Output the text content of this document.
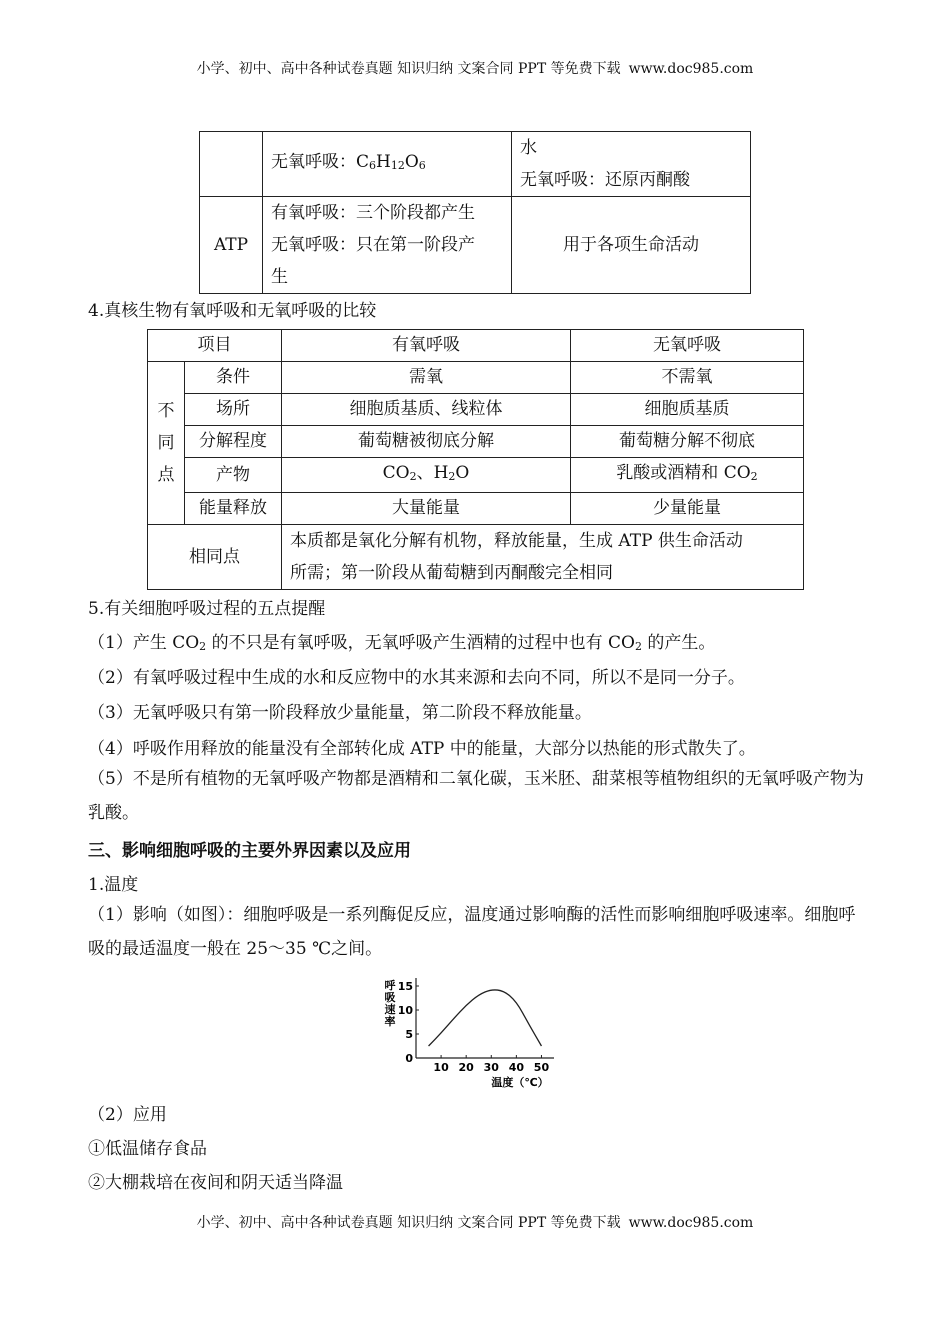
小学、初中、高中各种试卷真题 知识归纳 文案合同 PPT 等免费下载 www.doc985.com
	无氧呼吸：$C_6H_{12}O_6$	水
无氧呼吸：还原丙酮酸

ATP	有氧呼吸：三个阶段都产生
无氧呼吸：只在第一阶段产
生	用于各项生命活动
4.真核生物有氧呼吸和无氧呼吸的比较
项目		有氧呼吸	无氧呼吸

不
同
点	条件	需氧	不需氧
	场所	细胞质基质、线粒体	细胞质基质
	分解程度	葡萄糖被彻底分解	葡萄糖分解不彻底
	产物	$CO_2$、$H_2O$	乳酸或酒精和 $CO_2$
	能量释放	大量能量	少量能量
相同点		本质都是氧化分解有机物，释放能量，生成 ATP 供生命活动
所需；第一阶段从葡萄糖到丙酮酸完全相同	
5.有关细胞呼吸过程的五点提醒
（1）产生 $CO_2$ 的不只是有氧呼吸，无氧呼吸产生酒精的过程中也有 $CO_2$ 的产生。
（2）有氧呼吸过程中生成的水和反应物中的水其来源和去向不同，所以不是同一分子。
（3）无氧呼吸只有第一阶段释放少量能量，第二阶段不释放能量。
（4）呼吸作用释放的能量没有全部转化成 ATP 中的能量，大部分以热能的形式散失了。
（5）不是所有植物的无氧呼吸产物都是酒精和二氧化碳，玉米胚、甜菜根等植物组织的无氧呼吸产物为乳酸。
三、影响细胞呼吸的主要外界因素以及应用
1.温度
（1）影响（如图）：细胞呼吸是一系列酶促反应，温度通过影响酶的活性而影响细胞呼吸速率。细胞呼吸的最适温度一般在 25～35 ℃之间。
10 20 30 40 50
0
5
10
15
呼
吸
速
率
温度（℃）
（2）应用
①低温储存食品
②大棚栽培在夜间和阴天适当降温
小学、初中、高中各种试卷真题 知识归纳 文案合同 PPT 等免费下载 www.doc985.com
